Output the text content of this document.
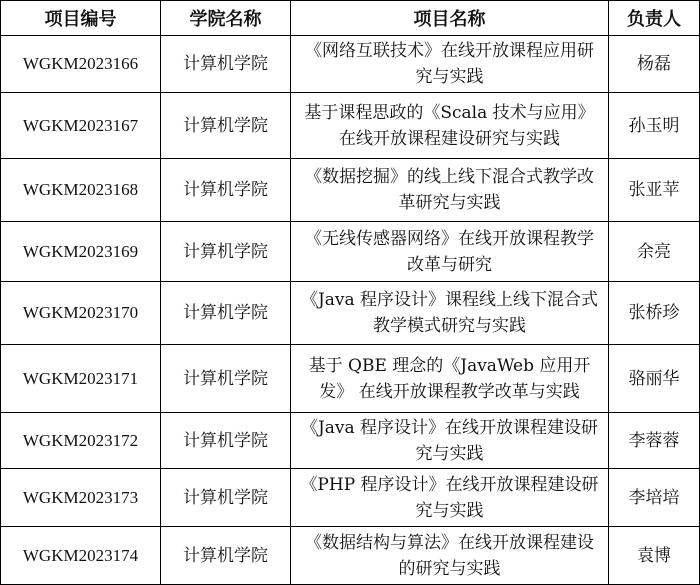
项目编号	学院名称	项目名称	负责人
WGKM2023166	计算机学院	《网络互联技术》在线开放课程应用研究与实践	杨磊
WGKM2023167	计算机学院	基于课程思政的《Scala 技术与应用》在线开放课程建设研究与实践	孙玉明
WGKM2023168	计算机学院	《数据挖掘》的线上线下混合式教学改革研究与实践	张亚苹
WGKM2023169	计算机学院	《无线传感器网络》在线开放课程教学改革与研究	余亮
WGKM2023170	计算机学院	《Java 程序设计》课程线上线下混合式教学模式研究与实践	张桥珍
WGKM2023171	计算机学院	基于 QBE 理念的《JavaWeb 应用开发》 在线开放课程教学改革与实践	骆丽华
WGKM2023172	计算机学院	《Java 程序设计》在线开放课程建设研究与实践	李蓉蓉
WGKM2023173	计算机学院	《PHP 程序设计》在线开放课程建设研究与实践	李培培
WGKM2023174	计算机学院	《数据结构与算法》在线开放课程建设的研究与实践	袁博
